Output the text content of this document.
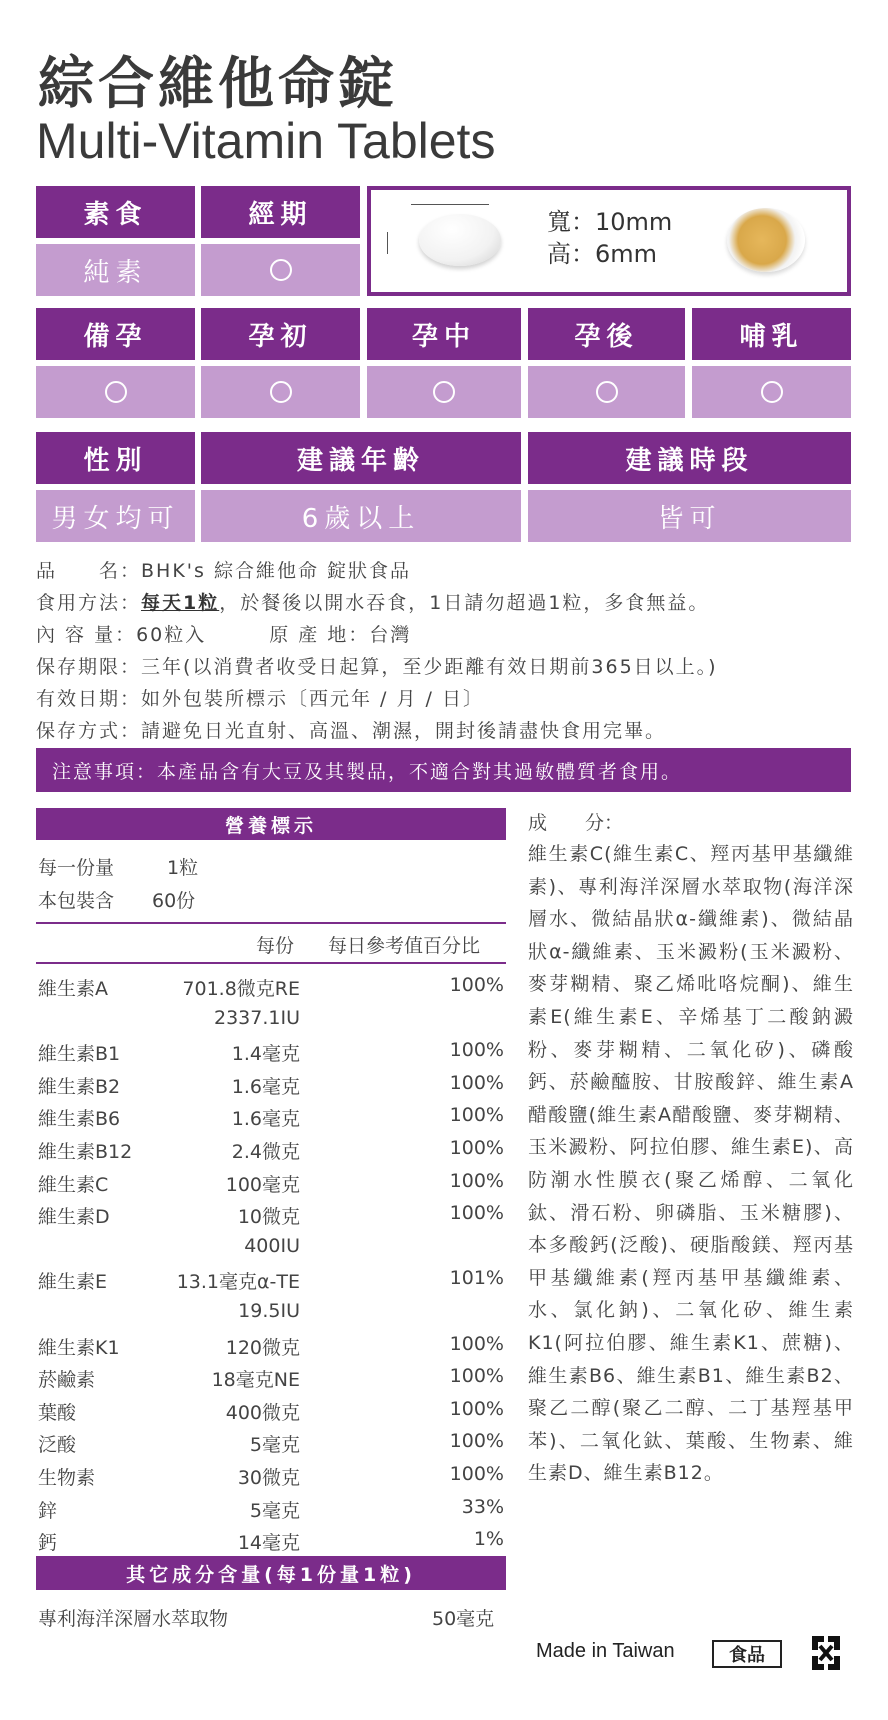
綜合維他命錠
Multi-Vitamin Tablets
素食	經期
純素
寬：10mm
高：6mm
備孕	孕初	孕中	孕後	哺乳
性別	建議年齡	建議時段
男女均可	6歲以上	皆可
品　　名：BHK's 綜合維他命 錠狀食品
食用方法：每天1粒，於餐後以開水吞食，1日請勿超過1粒，多食無益。
內 容 量：60粒入　　　原 產 地：台灣
保存期限：三年(以消費者收受日起算，至少距離有效日期前365日以上。)
有效日期：如外包裝所標示〔西元年 / 月 / 日〕
保存方式：請避免日光直射、高溫、潮濕，開封後請盡快食用完畢。
注意事項：本產品含有大豆及其製品，不適合對其過敏體質者食用。
營養標示
每一份量	1粒
本包裝含 60份
每份 每日參考值百分比
維生素A	701.8微克RE	100%
2337.1IU
維生素B1	1.4毫克	100%
維生素B2	1.6毫克	100%
維生素B6	1.6毫克	100%
維生素B12	2.4微克	100%
維生素C	100毫克	100%
維生素D	10微克	100%
400IU
維生素E	13.1毫克α-TE	101%
19.5IU
維生素K1	120微克	100%
菸鹼素	18毫克NE	100%
葉酸	400微克	100%
泛酸	5毫克	100%
生物素	30微克	100%
鋅	5毫克	33%
鈣	14毫克	1%
其它成分含量(每1份量1粒)
專利海洋深層水萃取物	50毫克
成　　分：
維生素C(維生素C、羥丙基甲基纖維素)、專利海洋深層水萃取物(海洋深層水、微結晶狀α-纖維素)、微結晶狀α-纖維素、玉米澱粉(玉米澱粉、麥芽糊精、聚乙烯吡咯烷酮)、維生素E(維生素E、辛烯基丁二酸鈉澱粉、麥芽糊精、二氧化矽)、磷酸鈣、菸鹼醯胺、甘胺酸鋅、維生素A醋酸鹽(維生素A醋酸鹽、麥芽糊精、玉米澱粉、阿拉伯膠、維生素E)、高防潮水性膜衣(聚乙烯醇、二氧化鈦、滑石粉、卵磷脂、玉米糖膠)、本多酸鈣(泛酸)、硬脂酸鎂、羥丙基甲基纖維素(羥丙基甲基纖維素、水、氯化鈉)、二氧化矽、維生素K1(阿拉伯膠、維生素K1、蔗糖)、維生素B6、維生素B1、維生素B2、聚乙二醇(聚乙二醇、二丁基羥基甲苯)、二氧化鈦、葉酸、生物素、維生素D、維生素B12。
Made in Taiwan	食品
